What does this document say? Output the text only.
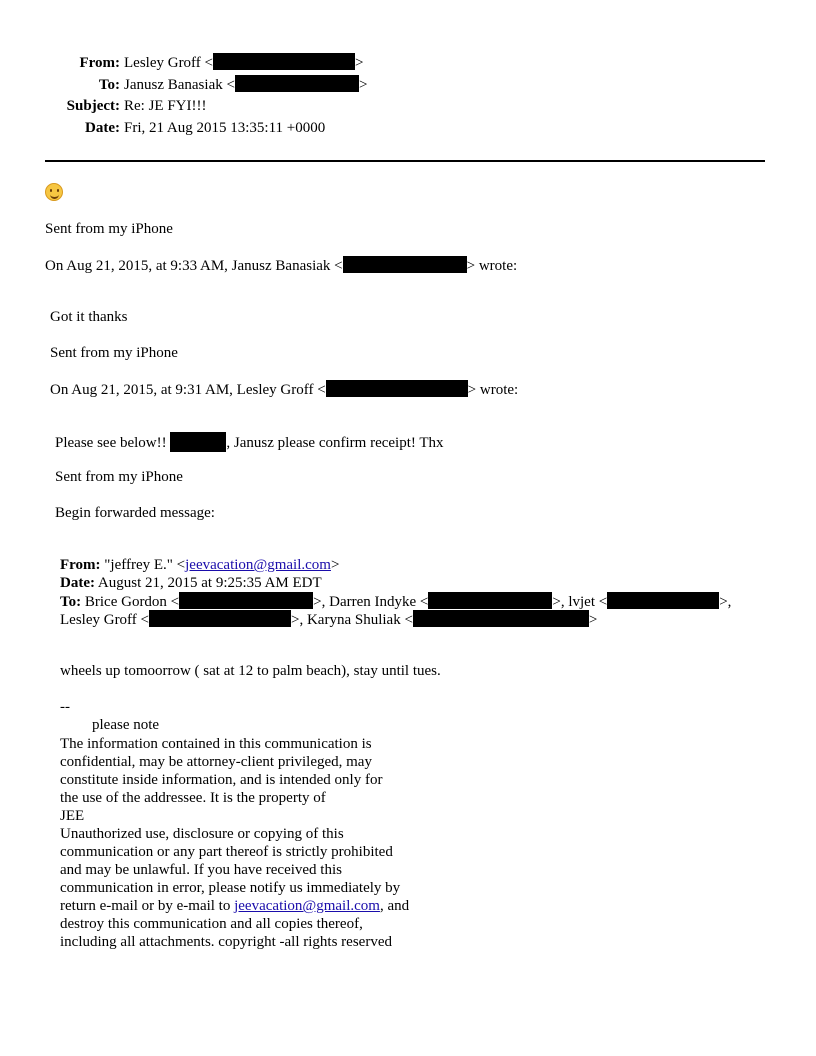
From: Lesley Groff <	>
To: Janusz Banasiak <	>
Subject: Re: JE FYI!!!
Date: Fri, 21 Aug 2015 13:35:11 +0000
Sent from my iPhone
On Aug 21, 2015, at 9:33 AM, Janusz Banasiak <	> wrote:
Got it thanks
Sent from my iPhone
On Aug 21, 2015, at 9:31 AM, Lesley Groff <	> wrote:
Please see below!!	, Janusz please confirm receipt! Thx
Sent from my iPhone
Begin forwarded message:
From: "jeffrey E." <jeevacation@gmail.com>
Date: August 21, 2015 at 9:25:35 AM EDT
To: Brice Gordon <	>, Darren Indyke <	>, lvjet <	>,
Lesley Groff <	>, Karyna Shuliak <	>
wheels up tomoorrow ( sat at 12 to palm beach), stay until tues.
--
please note
The information contained in this communication is
confidential, may be attorney-client privileged, may
constitute inside information, and is intended only for
the use of the addressee. It is the property of
JEE
Unauthorized use, disclosure or copying of this
communication or any part thereof is strictly prohibited
and may be unlawful. If you have received this
communication in error, please notify us immediately by
return e-mail or by e-mail to jeevacation@gmail.com, and
destroy this communication and all copies thereof,
including all attachments. copyright -all rights reserved
